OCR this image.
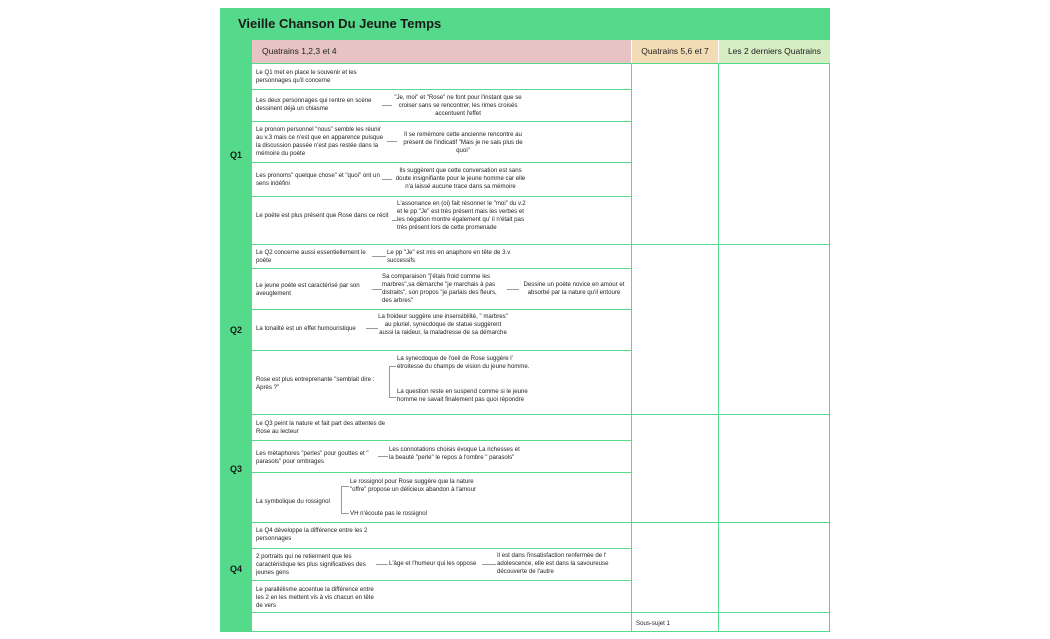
Vieille Chanson Du Jeune Temps
Quatrains 1,2,3 et 4	Quatrains 5,6 et 7	Les 2 derniers Quatrains
Q1
Q2
Q3
Q4
Le Q1 met en place le souvenir et les personnages qu'il concerne
Les deux personnages qui rentre en scène dessinent déjà un chiasme
"Je, moi" et "Rose" ne font pour l'instant que se croiser sans se rencontrer, les rimes croisés accentuent l'effet
Le pronom personnel "nous" semble les réunir au v.3 mais ce n'est que en apparence puisque la discussion passée n'est pas restée dans la mémoire du poète
Il se remémore cette ancienne rencontre au présent de l'indicatif "Mais je ne sais plus de quoi"
Les pronoms" quelque chose" et "quoi" ont un sens indéfini
Ils suggèrent que cette conversation est sans doute insignifiante pour le jeune homme car elle n'a laissé aucune trace dans sa mémoire
Le poète est plus présent que Rose dans ce récit
L'assonance en (oi) fait résonner le "moi" du v.2 et le pp "Je" est très présent mais les verbes et les négation montre également qu' il n'était pas très présent lors de cette promenade
Le Q2 concerne aussi essentiellement le poète
Le pp "Je" est mis en anaphore en tête de 3.v successifs
Le jeune poète est caractérisé par son aveuglement
Sa comparaison "j'étais froid comme les marbres",sa démarche "je marchais à pas distraits", son propos "je parlais des fleurs, des arbres"
Dessine un poète novice en amour et absorbé par la nature qu'il entoure
La tonalité est un effet humouristique
La froideur suggère une insensibilité, " marbres" au pluriel, synecdoque de statue suggèrent aussi la raideur, la maladresse de sa démarche
Rose est plus entreprenante "semblait dire : Après ?"
La synecdoque de l'oeil de Rose suggère l' étroitesse du champs de vision du jeune homme.
La question reste en suspend comme si le jeune homme ne savait finalement pas quoi répondre
Le Q3 peint la nature et fait part des attentes de Rose au lecteur
Les métaphores "perles" pour gouttes et " parasols" pour ombrages
Les connotations choisis évoque La richesses et la beauté "perle" le repos à l'ombre " parasols"
La symbolique du rossignol
Le rossignol pour Rose suggère que la nature "offre" propose un délicieux abandon à l'amour
VH n'écoute pas le rossignol
Le Q4 développe la différence entre les 2 personnages
2 portraits qui ne retiennent que les caractéristique les plus significatives des jeunes gens
L'âge et l'humeur qui les oppose
Il est dans l'insatisfaction renfermée de l' adolescence, elle est dans la savoureuse découverte de l'autre
Le parallélisme accentue la différence entre les 2 en les mettent vis à vis chacun en tête de vers
Sous-sujet 1
